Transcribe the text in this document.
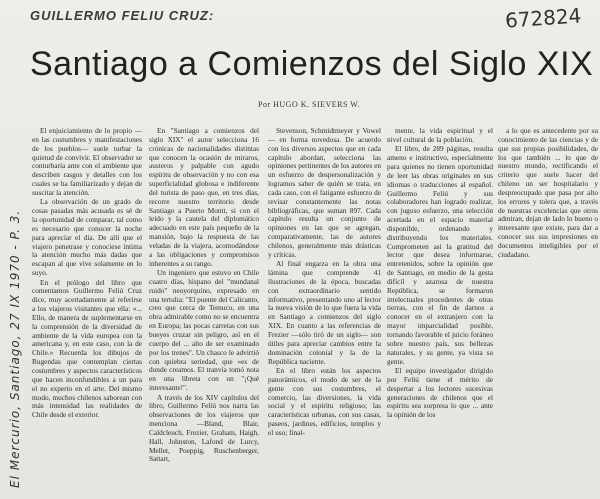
GUILLERMO FELIU CRUZ:	672824
Santiago a Comienzos del Siglo XIX
Por HUGO K. SIEVERS W.
El Mercurio, Santiago, 27 IX 1970 - P. 3.

El enjuiciamiento de lo propio —en las costumbres y manifestaciones de los pueblos— suele turbar la quietud de convivir. El observador se conturbaría ante con el ambiente que describen rasgos y detalles con los cuales se ha familiarizado y dejan de suscitar la atención.

La observación de un grado de cosas pasadas más acusada es sé de la oportunidad de comparar, tal como es necesario que conocer la noche para apreciar el día. De allí que el viajero penetrase y conociese íntima la atención mucho más dadas que escapan al que vive solamente en lo suyo.

En el prólogo del libro que comentamos Guillermo Feliú Cruz dice, muy acertadamente al referirse a los viajeros visitantes que ella: «... Ello, de manera de suplementarse en la comprensión de la diversidad de ambiente de la vida europea con la americana y, en este caso, con la de Chile.» Recuerda los dibujos de Rugendas que contemplan ciertas costumbres y aspectos característicos que hacen inconfundibles a un para el no experto en el arte. Del mismo modo, muchos chilenos saborean con más intensidad las realidades de Chile desde el exterior.

En "Santiago a comienzos del siglo XIX" el autor selecciona 16 crónicas de nacionalidades distintas que conocen la ocasión de miraros, austeros y palpable con agudo espíritu de observación y no con esa superficialidad globosa e indiferente del turista de paso que, en tres días, recorre nuestro territorio desde Santiago a Puerto Montt, si con el leído y la cautela del diplomático adecuado en este país pequeño de la mansión, bajo la respuesta de las veladas de la viajera, acomodándose a las obligaciones y compromisos inherentes a su rango.

Un ingeniero que estuvo en Chile cuatro días, hispano del "mundanal ruido" neoyorquino, expresado en una tertulia: "El puente del Calicanto, creo que cerca de Temuco, en una obra admirable como no se encuentra en Europa; las pocas carretas con sus bueyes cruzar sin peligro, así en el cuerpo del ... alto de ser examinado por los trenes". Un chasco le advirtió con quiebra seriedad, que «es de donde creamos. El tranvía tomó nota en una libreta con un "¡Qué interesante!".

A través de los XIV capítulos del libro, Guillermo Feliú nos narra las observaciones de los viajeros que menciona —Bland, Blair, Caldcleuch, Frezier, Graham, Haigh, Hall, Johnston, Lafond de Lurcy, Mellet, Poeppig, Ruschenberger, Sattart,

Stevenson, Schmidtmeyer y Vowel— en forma novedosa. De acuerdo con los diversos aspectos que en cada capítulo abordan, selecciona las opiniones pertinentes de los autores en un esfuerzo de despersonalización y logramos saber de quién se trata, en cada caso, con el fatigante esfuerzo de revisar constantemente las notas bibliográficas, que suman 897. Cada capítulo resulta un conjunto de opiniones en las que se agregan, comparativamente, las de autores chilenos, generalmente más drásticas y críticas.

Al final engarza en la obra una lámina que comprende 41 ilustraciones de la época, buscadas con extraordinario sentido informativo, presentando uno al lector la nueva visión de lo que fuera la vida en Santiago a comienzos del siglo XIX. En cuanto a las referencias de Frezier —sólo tiró de un siglo— son útiles para apreciar cambios entre la dominación colonial y la de la República naciente.

En el libro están los aspectos panorámicos, el modo de ser de la gente con sus costumbres, el comercio, las diversiones, la vida social y el espíritu religioso; las características urbanas, con sus casas, paseos, jardines, edificios, templos y el uso; final-

mente, la vida espiritual y el nivel cultural de la población.

El libro, de 289 páginas, resulta ameno e instructivo, especialmente para quienes no tienen oportunidad de leer las obras originales en sus idiomas o traducciones al español. Guillermo Feliú y sus colaboradores han logrado realizar, con jugoso esfuerzo, una selección acertada en el espacio material disponible, ordenando y distribuyendo los materiales. Comprometen así la gratitud del lector que desea informarse, entretenidos, sobre la opinión que de Santiago, en medio de la gesta difícil y azarosa de nuestra República, se formaron intelectuales procedentes de otras tierras, con el fin de darnos a conocer en el extranjero con la mayor imparcialidad posible, tornando favorable el juicio foráneo sobre nuestro país, sus bellezas naturales, y su gente, ya vista su gente.

El equipo investigador dirigido por Feliú tiene el mérito de despertar a los lectores sucesivas generaciones de chilenos que el espíritu sea sorpresa lo que ... ante la opinión de los

a lo que es antecedente por su conocimiento de las ciencias y de que sus propias posibilidades, de los que también ... lo que de nuestro mundo, rectificando el criterio que suele hacer del chileno un ser hospitalario y despreocupado que pasa por alto los errores y tolera que, a través de nuestras excelencias que otros admiran, dejan de lado lo bueno o interesante que existe, para dar a conocer sus sus impresiones en documentos inteligibles por el ciudadano.
